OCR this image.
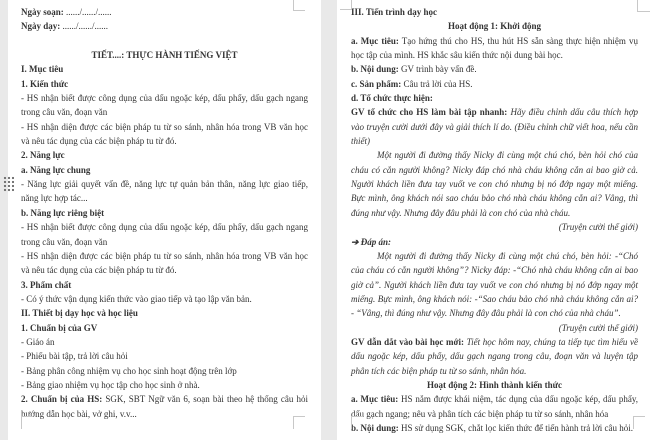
Ngày soạn: ....../....../......

Ngày dạy: ....../....../......

TIẾT....: THỰC HÀNH TIẾNG VIỆT

I. Mục tiêu

1. Kiến thức

- HS nhận biết được công dụng của dấu ngoặc kép, dấu phẩy, dấu gạch ngang trong câu văn, đoạn văn

- HS nhận diện được các biện pháp tu từ so sánh, nhân hóa trong VB văn học và nêu tác dụng của các biện pháp tu từ đó.

2. Năng lực

a. Năng lực chung

- Năng lực giải quyết vấn đề, năng lực tự quản bản thân, năng lực giao tiếp, năng lực hợp tác...

b. Năng lực riêng biệt

- HS nhận biết được công dụng của dấu ngoặc kép, dấu phẩy, dấu gạch ngang trong câu văn, đoạn văn

- HS nhận diện được các biện pháp tu từ so sánh, nhân hóa trong VB văn học và nêu tác dụng của các biện pháp tu từ đó.

3. Phẩm chất

- Có ý thức vận dụng kiến thức vào giao tiếp và tạo lập văn bản.

II. Thiết bị dạy học và học liệu

1. Chuẩn bị của GV

- Giáo án

- Phiếu bài tập, trả lời câu hỏi

- Bảng phân công nhiệm vụ cho học sinh hoạt động trên lớp

- Bảng giao nhiệm vụ học tập cho học sinh ở nhà.

2. Chuẩn bị của HS: SGK, SBT Ngữ văn 6, soạn bài theo hệ thống câu hỏi hướng dẫn học bài, vở ghi, v.v...

III. Tiến trình dạy học

Hoạt động 1: Khởi động

a. Mục tiêu: Tạo hứng thú cho HS, thu hút HS sẵn sàng thực hiện nhiệm vụ học tập của mình. HS khắc sâu kiến thức nội dung bài học.

b. Nội dung: GV trình bày vấn đề.

c. Sản phẩm: Câu trả lời của HS.

d. Tổ chức thực hiện:

GV tổ chức cho HS làm bài tập nhanh: Hãy điều chỉnh dấu câu thích hợp vào truyện cười dưới đây và giải thích lí do. (Điều chỉnh chữ viết hoa, nếu cần thiết)

Một người đi đường thấy Nicky đi cùng một chú chó, bèn hỏi chó của cháu có cắn người không? Nicky đáp chó nhà cháu không cắn ai bao giờ cả. Người khách liền đưa tay vuốt ve con chó nhưng bị nó đớp ngay một miếng. Bực mình, ông khách nói sao cháu bảo chó nhà cháu không cắn ai? Vâng, thì đúng như vậy. Nhưng đây đâu phải là con chó của nhà cháu.

(Truyện cười thế giới)

➔ Đáp án:

Một người đi đường thấy Nicky đi cùng một chú chó, bèn hỏi: -“Chó của cháu có cắn người không”? Nicky đáp: -“Chó nhà cháu không cắn ai bao giờ cả”. Người khách liền đưa tay vuốt ve con chó nhưng bị nó đớp ngay một miếng. Bực mình, ông khách nói: -“Sao cháu bảo chó nhà cháu không cắn ai? - “Vâng, thì đúng như vậy. Nhưng đây đâu phải là con chó của nhà cháu”.

(Truyện cười thế giới)

GV dẫn dắt vào bài học mới: Tiết học hôm nay, chúng ta tiếp tục tìm hiểu về dấu ngoặc kép, dấu phẩy, dấu gạch ngang trong câu, đoạn văn và luyện tập phân tích các biện pháp tu từ so sánh, nhân hóa.

Hoạt động 2: Hình thành kiến thức

a. Mục tiêu: HS nắm được khái niệm, tác dụng của dấu ngoặc kép, dấu phẩy, dấu gạch ngang; nêu và phân tích các biện pháp tu từ so sánh, nhân hóa

b. Nội dung: HS sử dụng SGK, chắt lọc kiến thức để tiến hành trả lời câu hỏi.
